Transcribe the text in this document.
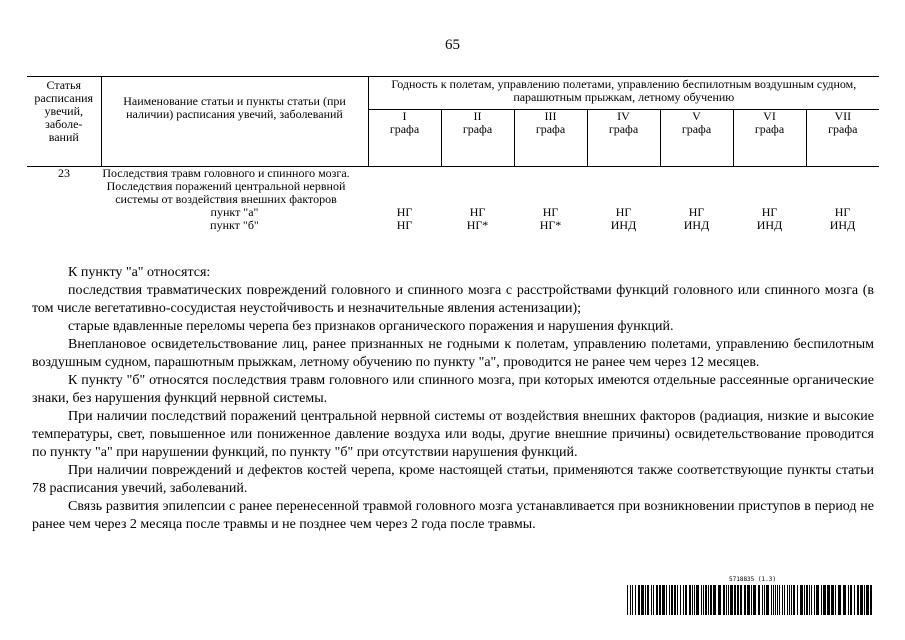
65
Статья расписания увечий, заболе-ваний	Наименование статьи и пункты статьи (при наличии) расписания увечий, заболеваний	Годность к полетам, управлению полетами, управлению беспилотным воздушным судном, парашютным прыжкам, летному обучению						

		I
графа	II
графа	III
графа	IV
графа	V
графа	VI
графа	VII
графа

23	Последствия травм головного и спинного мозга. Последствия поражений центральной нервной системы от воздействия внешних факторов							

	пункт "а"	НГ	НГ	НГ	НГ	НГ	НГ	НГ
	пункт "б"	НГ	НГ*	НГ*	ИНД	ИНД	ИНД	ИНД

К пункту "а" относятся:

последствия травматических повреждений головного и спинного мозга с расстройствами функций головного или спинного мозга (в том числе вегетативно-сосудистая неустойчивость и незначительные явления астенизации);

старые вдавленные переломы черепа без признаков органического поражения и нарушения функций.

Внеплановое освидетельствование лиц, ранее признанных не годными к полетам, управлению полетами, управлению беспилотным воздушным судном, парашютным прыжкам, летному обучению по пункту "а", проводится не ранее чем через 12 месяцев.

К пункту "б" относятся последствия травм головного или спинного мозга, при которых имеются отдельные рассеянные органические знаки, без нарушения функций нервной системы.

При наличии последствий поражений центральной нервной системы от воздействия внешних факторов (радиация, низкие и высокие температуры, свет, повышенное или пониженное давление воздуха или воды, другие внешние причины) освидетельствование проводится по пункту "а" при нарушении функций, по пункту "б" при отсутствии нарушения функций.

При наличии повреждений и дефектов костей черепа, кроме настоящей статьи, применяются также соответствующие пункты статьи 78 расписания увечий, заболеваний.

Связь развития эпилепсии с ранее перенесенной травмой головного мозга устанавливается при возникновении приступов в период не ранее чем через 2 месяца после травмы и не позднее чем через 2 года после травмы.

5718835 (1.3)
